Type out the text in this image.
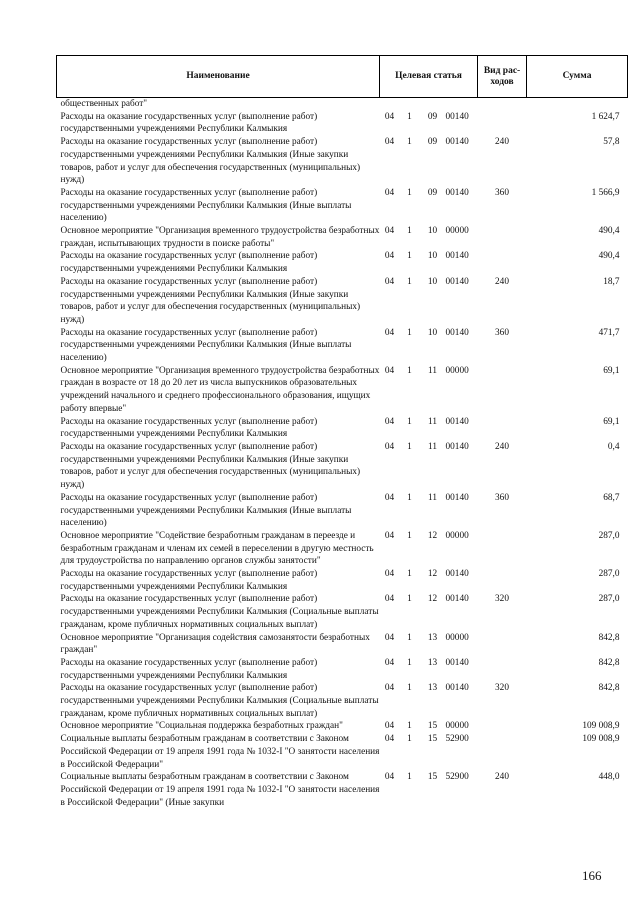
Наименование	Целевая статья				Вид рас-ходов	Сумма
общественных работ"						
Расходы на оказание государственных услуг (выполнение работ) государственными учреждениями Республики Калмыкия	04	1	09	00140		1 624,7
Расходы на оказание государственных услуг (выполнение работ) государственными учреждениями Республики Калмыкия (Иные закупки товаров, работ и услуг для обеспечения государственных (муниципальных) нужд)	04	1	09	00140	240	57,8
Расходы на оказание государственных услуг (выполнение работ) государственными учреждениями Республики Калмыкия (Иные выплаты населению)	04	1	09	00140	360	1 566,9
Основное мероприятие "Организация временного трудоустройства безработных граждан, испытывающих трудности в поиске работы"	04	1	10	00000		490,4
Расходы на оказание государственных услуг (выполнение работ) государственными учреждениями Республики Калмыкия	04	1	10	00140		490,4
Расходы на оказание государственных услуг (выполнение работ) государственными учреждениями Республики Калмыкия (Иные закупки товаров, работ и услуг для обеспечения государственных (муниципальных) нужд)	04	1	10	00140	240	18,7
Расходы на оказание государственных услуг (выполнение работ) государственными учреждениями Республики Калмыкия (Иные выплаты населению)	04	1	10	00140	360	471,7
Основное мероприятие "Организация временного трудоустройства безработных граждан в возрасте от 18 до 20 лет из числа выпускников образовательных учреждений начального и среднего профессионального образования, ищущих работу впервые"	04	1	11	00000		69,1
Расходы на оказание государственных услуг (выполнение работ) государственными учреждениями Республики Калмыкия	04	1	11	00140		69,1
Расходы на оказание государственных услуг (выполнение работ) государственными учреждениями Республики Калмыкия (Иные закупки товаров, работ и услуг для обеспечения государственных (муниципальных) нужд)	04	1	11	00140	240	0,4
Расходы на оказание государственных услуг (выполнение работ) государственными учреждениями Республики Калмыкия (Иные выплаты населению)	04	1	11	00140	360	68,7
Основное мероприятие "Содействие безработным гражданам в переезде и безработным гражданам и членам их семей в переселении в другую местность для трудоустройства по направлению органов службы занятости"	04	1	12	00000		287,0
Расходы на оказание государственных услуг (выполнение работ) государственными учреждениями Республики Калмыкия	04	1	12	00140		287,0
Расходы на оказание государственных услуг (выполнение работ) государственными учреждениями Республики Калмыкия (Социальные выплаты гражданам, кроме публичных нормативных социальных выплат)	04	1	12	00140	320	287,0
Основное мероприятие "Организация содействия самозанятости безработных граждан"	04	1	13	00000		842,8
Расходы на оказание государственных услуг (выполнение работ) государственными учреждениями Республики Калмыкия	04	1	13	00140		842,8
Расходы на оказание государственных услуг (выполнение работ) государственными учреждениями Республики Калмыкия (Социальные выплаты гражданам, кроме публичных нормативных социальных выплат)	04	1	13	00140	320	842,8
Основное мероприятие "Социальная поддержка безработных граждан"	04	1	15	00000		109 008,9
Социальные выплаты безработным гражданам в соответствии с Законом Российской Федерации от 19 апреля 1991 года № 1032-I "О занятости населения в Российской Федерации"	04	1	15	52900		109 008,9
Социальные выплаты безработным гражданам в соответствии с Законом Российской Федерации от 19 апреля 1991 года № 1032-I "О занятости населения в Российской Федерации" (Иные закупки	04	1	15	52900	240	448,0
166
